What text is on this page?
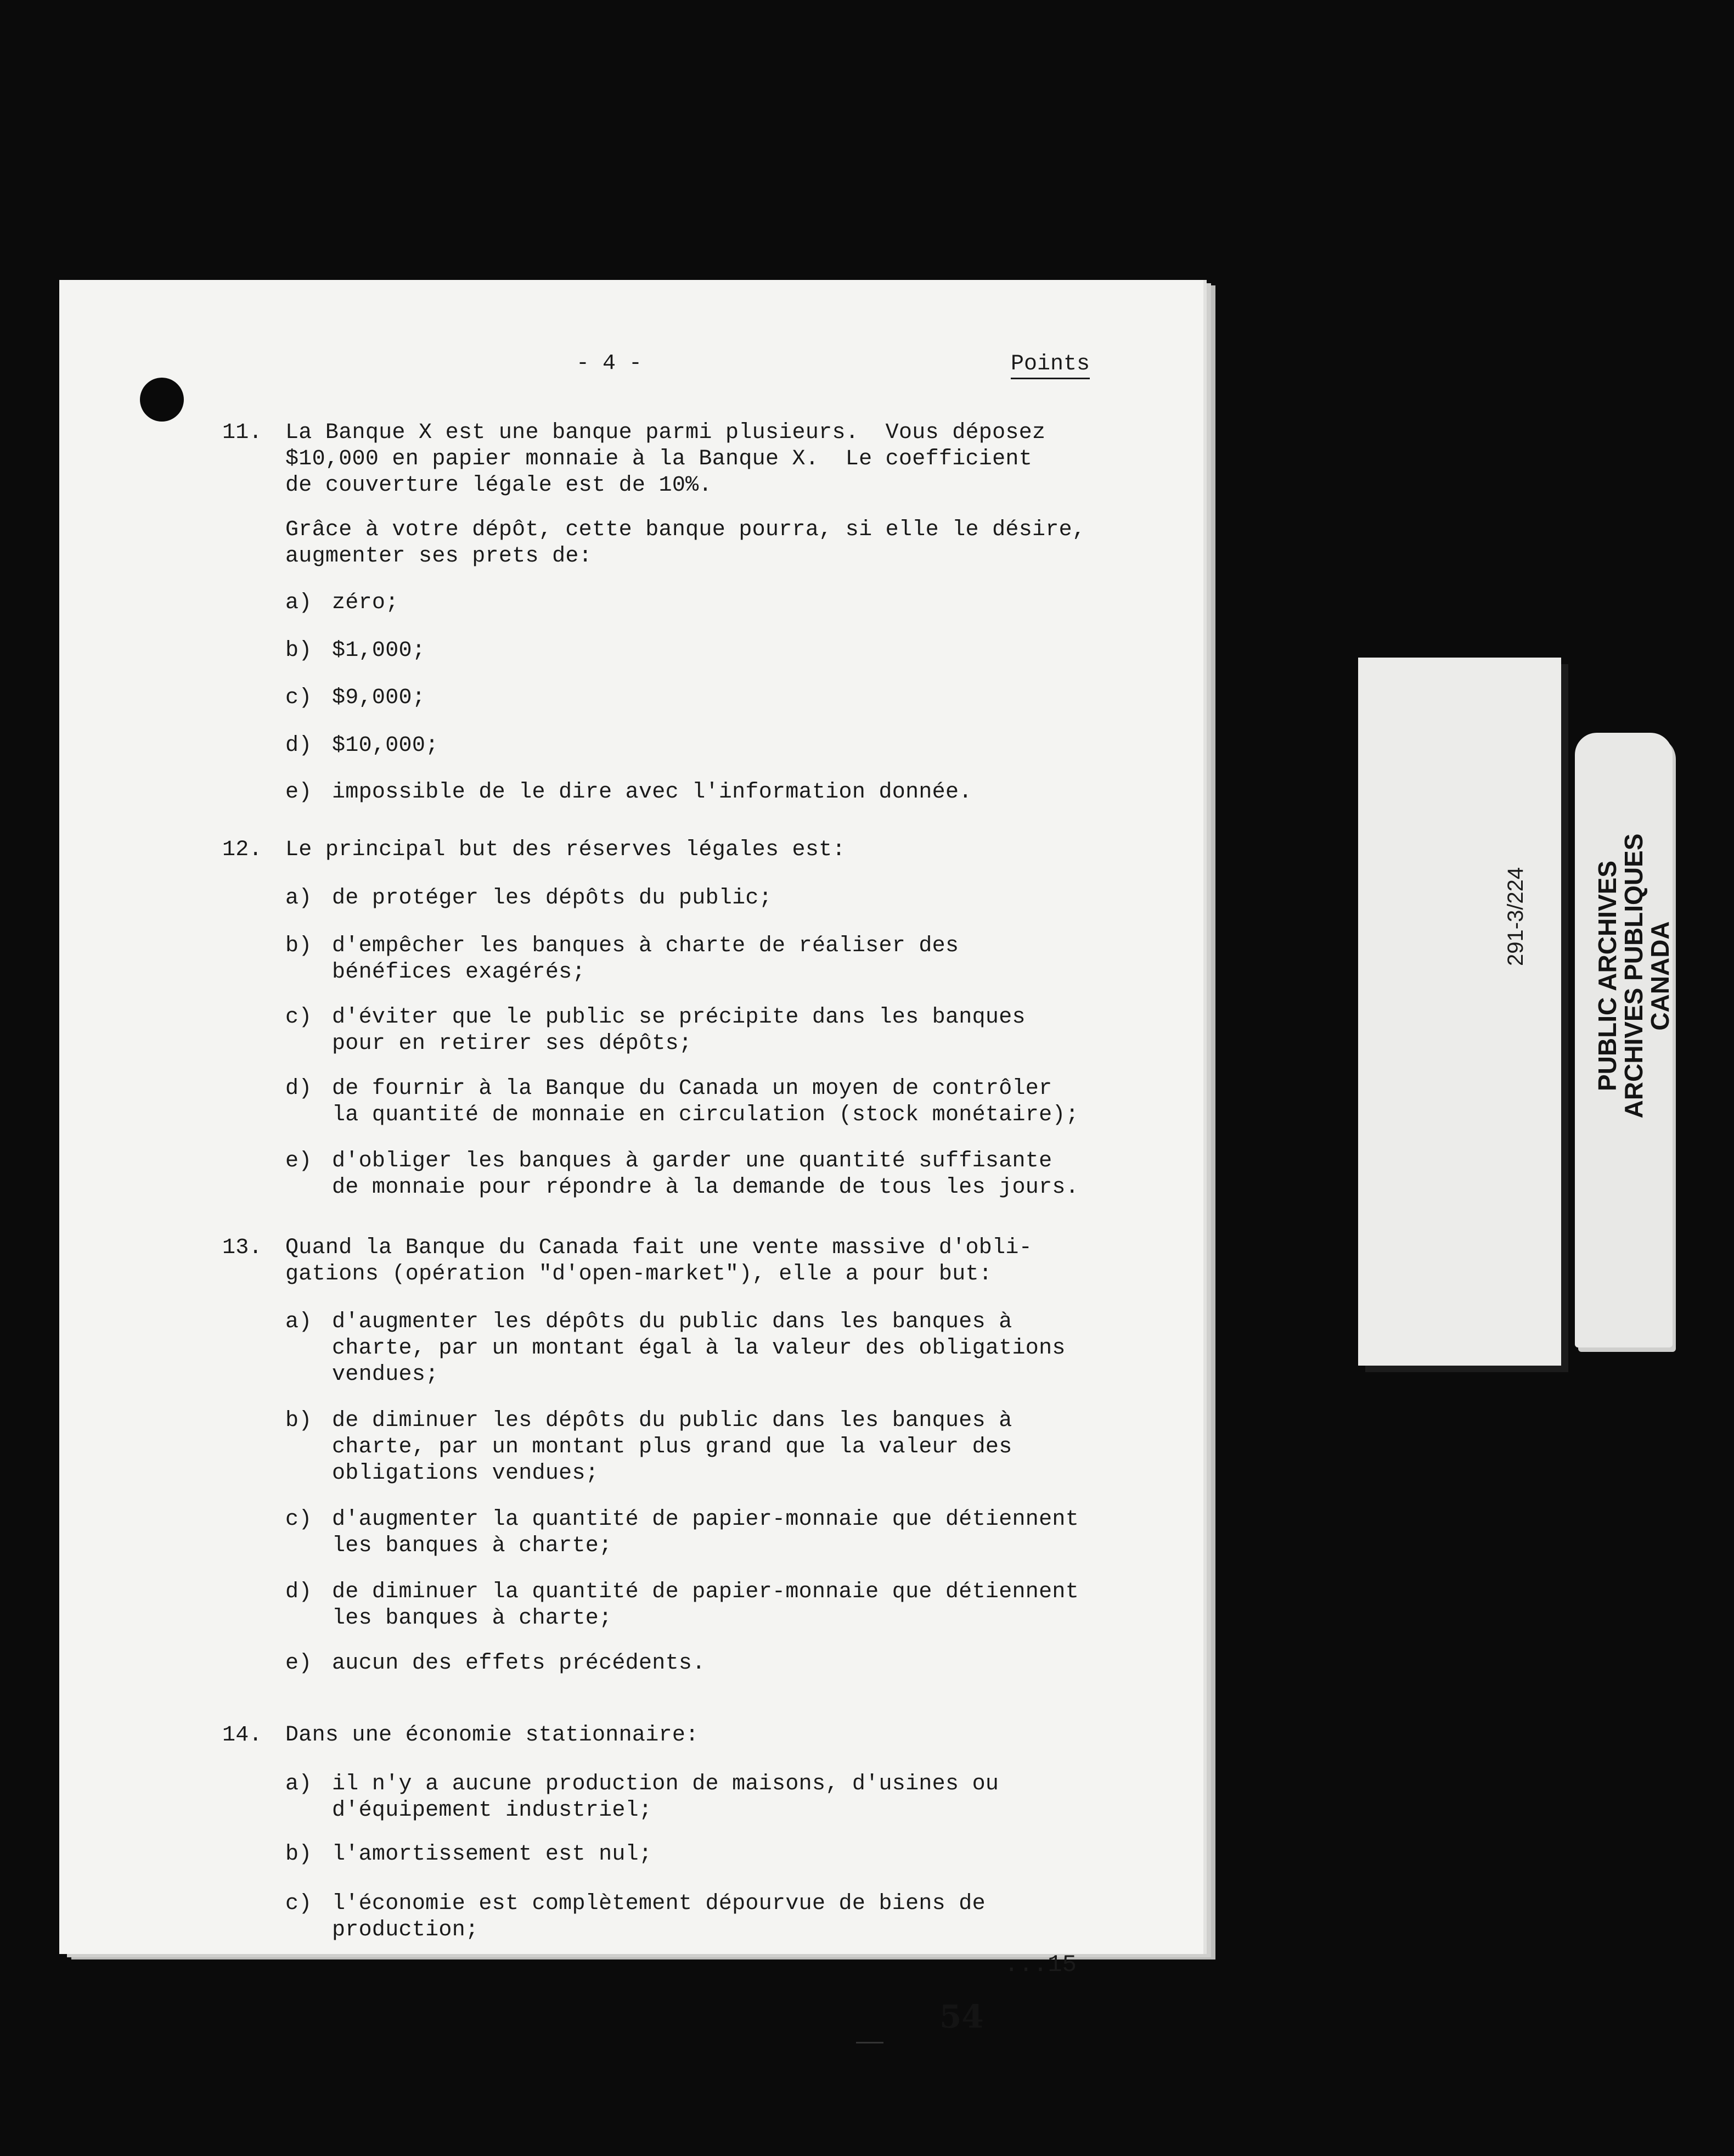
- 4 -	Points
11. La Banque X est une banque parmi plusieurs.  Vous déposez
$10,000 en papier monnaie à la Banque X.  Le coefficient
de couverture légale est de 10%.
Grâce à votre dépôt, cette banque pourra, si elle le désire,
augmenter ses prets de:
a) zéro;
b) $1,000;
c) $9,000;
d) $10,000;
e) impossible de le dire avec l'information donnée.
12. Le principal but des réserves légales est:
a) de protéger les dépôts du public;
b) d'empêcher les banques à charte de réaliser des
bénéfices exagérés;
c) d'éviter que le public se précipite dans les banques
pour en retirer ses dépôts;
d) de fournir à la Banque du Canada un moyen de contrôler
la quantité de monnaie en circulation (stock monétaire);
e) d'obliger les banques à garder une quantité suffisante
de monnaie pour répondre à la demande de tous les jours.
13. Quand la Banque du Canada fait une vente massive d'obli-
gations (opération "d'open-market"), elle a pour but:
a) d'augmenter les dépôts du public dans les banques à
charte, par un montant égal à la valeur des obligations
vendues;
b) de diminuer les dépôts du public dans les banques à
charte, par un montant plus grand que la valeur des
obligations vendues;
c) d'augmenter la quantité de papier-monnaie que détiennent
les banques à charte;
d) de diminuer la quantité de papier-monnaie que détiennent
les banques à charte;
e) aucun des effets précédents.
14. Dans une économie stationnaire:
a) il n'y a aucune production de maisons, d'usines ou
d'équipement industriel;
b) l'amortissement est nul;
c) l'économie est complètement dépourvue de biens de
production;
...15
54
291-3/224	PUBLIC ARCHIVES
ARCHIVES PUBLIQUES
CANADA
